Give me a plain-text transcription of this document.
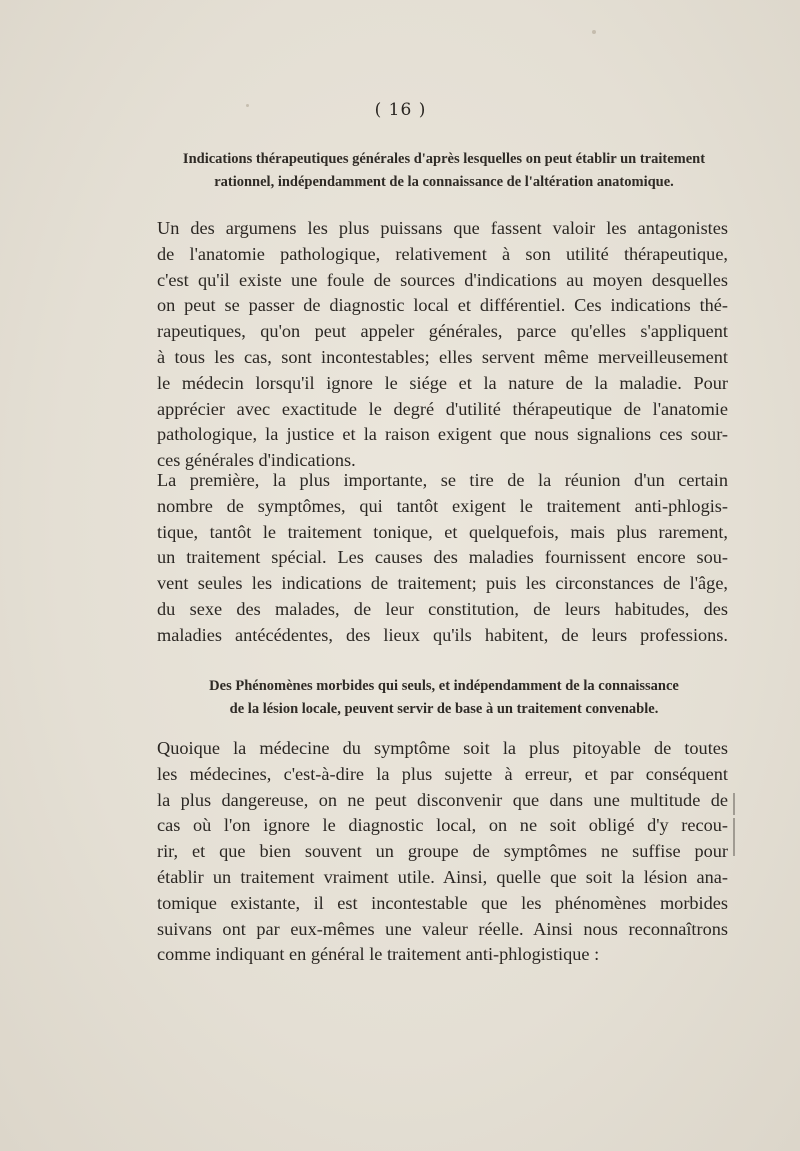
( 16 )
Indications thérapeutiques générales d'après lesquelles on peut établir un traitement
rationnel, indépendamment de la connaissance de l'altération anatomique.
Un des argumens les plus puissans que fassent valoir les antagonistes
de l'anatomie pathologique, relativement à son utilité thérapeutique,
c'est qu'il existe une foule de sources d'indications au moyen desquelles
on peut se passer de diagnostic local et différentiel. Ces indications thé-
rapeutiques, qu'on peut appeler générales, parce qu'elles s'appliquent
à tous les cas, sont incontestables; elles servent même merveilleusement
le médecin lorsqu'il ignore le siége et la nature de la maladie. Pour
apprécier avec exactitude le degré d'utilité thérapeutique de l'anatomie
pathologique, la justice et la raison exigent que nous signalions ces sour-
ces générales d'indications.
La première, la plus importante, se tire de la réunion d'un certain
nombre de symptômes, qui tantôt exigent le traitement anti-phlogis-
tique, tantôt le traitement tonique, et quelquefois, mais plus rarement,
un traitement spécial. Les causes des maladies fournissent encore sou-
vent seules les indications de traitement; puis les circonstances de l'âge,
du sexe des malades, de leur constitution, de leurs habitudes, des
maladies antécédentes, des lieux qu'ils habitent, de leurs professions.
Des Phénomènes morbides qui seuls, et indépendamment de la connaissance
de la lésion locale, peuvent servir de base à un traitement convenable.
Quoique la médecine du symptôme soit la plus pitoyable de toutes
les médecines, c'est-à-dire la plus sujette à erreur, et par conséquent
la plus dangereuse, on ne peut disconvenir que dans une multitude de
cas où l'on ignore le diagnostic local, on ne soit obligé d'y recou-
rir, et que bien souvent un groupe de symptômes ne suffise pour
établir un traitement vraiment utile. Ainsi, quelle que soit la lésion ana-
tomique existante, il est incontestable que les phénomènes morbides
suivans ont par eux-mêmes une valeur réelle. Ainsi nous reconnaîtrons
comme indiquant en général le traitement anti-phlogistique :
